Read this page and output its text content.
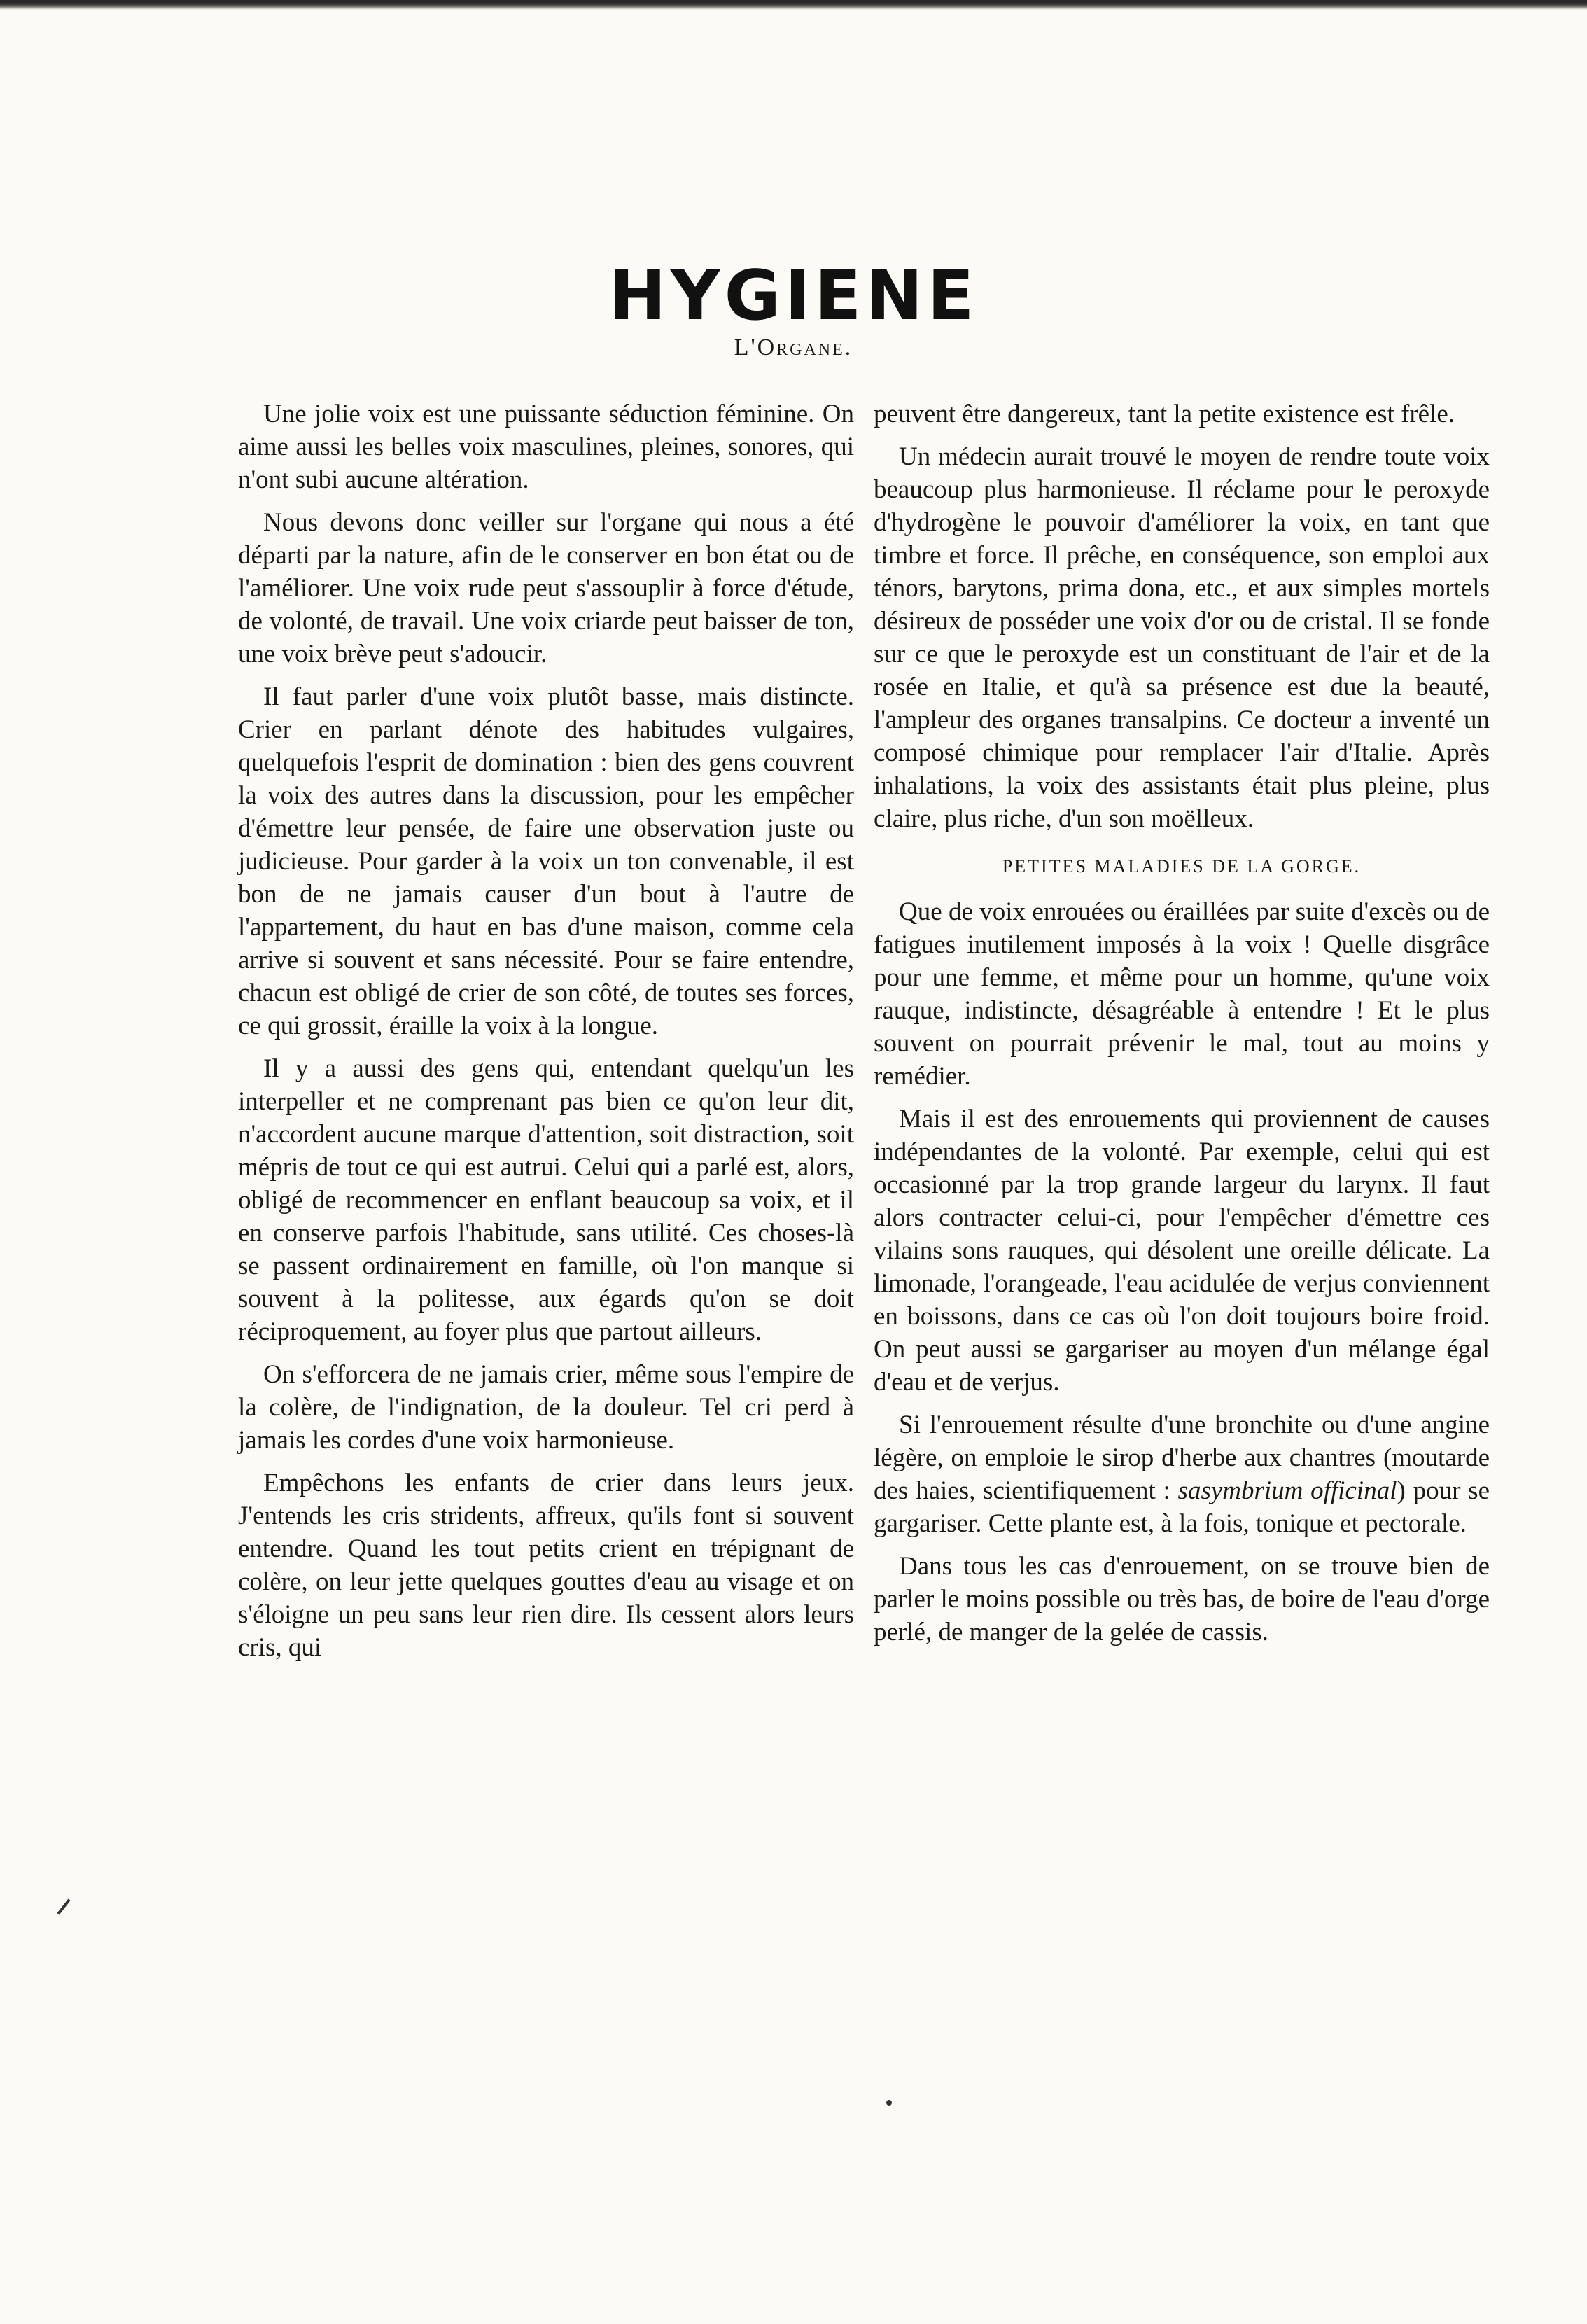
HYGIENE
L'Organe.

Une jolie voix est une puissante séduction féminine. On aime aussi les belles voix masculines, pleines, sonores, qui n'ont subi aucune altération.

Nous devons donc veiller sur l'organe qui nous a été départi par la nature, afin de le conserver en bon état ou de l'améliorer. Une voix rude peut s'assouplir à force d'étude, de volonté, de travail. Une voix criarde peut baisser de ton, une voix brève peut s'adoucir.

Il faut parler d'une voix plutôt basse, mais distincte. Crier en parlant dénote des habitudes vulgaires, quelquefois l'esprit de domination : bien des gens couvrent la voix des autres dans la discussion, pour les empêcher d'émettre leur pensée, de faire une observation juste ou judicieuse. Pour garder à la voix un ton convenable, il est bon de ne jamais causer d'un bout à l'autre de l'appartement, du haut en bas d'une maison, comme cela arrive si souvent et sans nécessité. Pour se faire entendre, chacun est obligé de crier de son côté, de toutes ses forces, ce qui grossit, éraille la voix à la longue.

Il y a aussi des gens qui, entendant quelqu'un les interpeller et ne comprenant pas bien ce qu'on leur dit, n'accordent aucune marque d'attention, soit distraction, soit mépris de tout ce qui est autrui. Celui qui a parlé est, alors, obligé de recommencer en enflant beaucoup sa voix, et il en conserve parfois l'habitude, sans utilité. Ces choses-là se passent ordinairement en famille, où l'on manque si souvent à la politesse, aux égards qu'on se doit réciproquement, au foyer plus que partout ailleurs.

On s'efforcera de ne jamais crier, même sous l'empire de la colère, de l'indignation, de la douleur. Tel cri perd à jamais les cordes d'une voix harmonieuse.

Empêchons les enfants de crier dans leurs jeux. J'entends les cris stridents, affreux, qu'ils font si souvent entendre. Quand les tout petits crient en trépignant de colère, on leur jette quelques gouttes d'eau au visage et on s'éloigne un peu sans leur rien dire. Ils cessent alors leurs cris, qui

peuvent être dangereux, tant la petite existence est frêle.

Un médecin aurait trouvé le moyen de rendre toute voix beaucoup plus harmonieuse. Il réclame pour le peroxyde d'hydrogène le pouvoir d'améliorer la voix, en tant que timbre et force. Il prêche, en conséquence, son emploi aux ténors, barytons, prima dona, etc., et aux simples mortels désireux de posséder une voix d'or ou de cristal. Il se fonde sur ce que le peroxyde est un constituant de l'air et de la rosée en Italie, et qu'à sa présence est due la beauté, l'ampleur des organes transalpins. Ce docteur a inventé un composé chimique pour remplacer l'air d'Italie. Après inhalations, la voix des assistants était plus pleine, plus claire, plus riche, d'un son moëlleux.

PETITES MALADIES DE LA GORGE.

Que de voix enrouées ou éraillées par suite d'excès ou de fatigues inutilement imposés à la voix ! Quelle disgrâce pour une femme, et même pour un homme, qu'une voix rauque, indistincte, désagréable à entendre ! Et le plus souvent on pourrait prévenir le mal, tout au moins y remédier.

Mais il est des enrouements qui proviennent de causes indépendantes de la volonté. Par exemple, celui qui est occasionné par la trop grande largeur du larynx. Il faut alors contracter celui-ci, pour l'empêcher d'émettre ces vilains sons rauques, qui désolent une oreille délicate. La limonade, l'orangeade, l'eau acidulée de verjus conviennent en boissons, dans ce cas où l'on doit toujours boire froid. On peut aussi se gargariser au moyen d'un mélange égal d'eau et de verjus.

Si l'enrouement résulte d'une bronchite ou d'une angine légère, on emploie le sirop d'herbe aux chantres (moutarde des haies, scientifiquement : sasymbrium officinal) pour se gargariser. Cette plante est, à la fois, tonique et pectorale.

Dans tous les cas d'enrouement, on se trouve bien de parler le moins possible ou très bas, de boire de l'eau d'orge perlé, de manger de la gelée de cassis.
